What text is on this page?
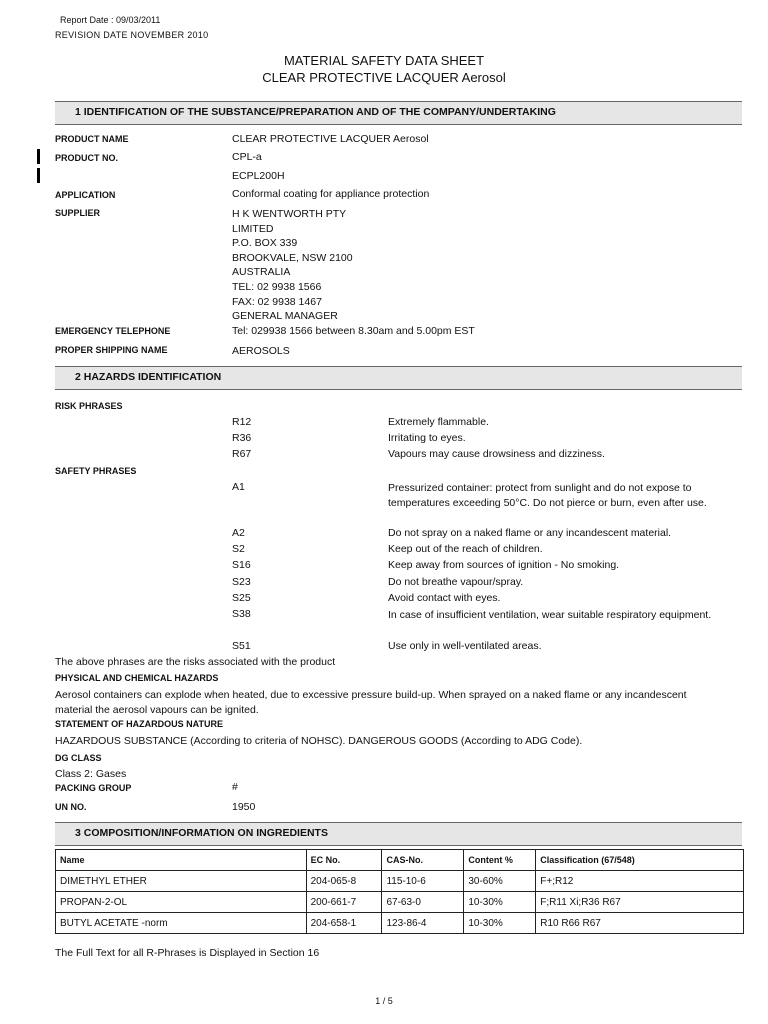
Report Date : 09/03/2011
REVISION DATE NOVEMBER 2010
MATERIAL SAFETY DATA SHEET
CLEAR PROTECTIVE LACQUER Aerosol
1 IDENTIFICATION OF THE SUBSTANCE/PREPARATION AND OF THE COMPANY/UNDERTAKING
PRODUCT NAME	CLEAR PROTECTIVE LACQUER Aerosol
PRODUCT NO.	CPL-a
ECPL200H
APPLICATION	Conformal coating for appliance protection
SUPPLIER	H K WENTWORTH PTY
LIMITED
P.O. BOX 339
BROOKVALE, NSW 2100
AUSTRALIA
TEL: 02 9938 1566
FAX: 02 9938 1467
GENERAL MANAGER
EMERGENCY TELEPHONE	Tel: 029938 1566 between 8.30am and 5.00pm EST
PROPER SHIPPING NAME	AEROSOLS
2 HAZARDS IDENTIFICATION
RISK PHRASES
R12	Extremely flammable.
R36	Irritating to eyes.
R67	Vapours may cause drowsiness and dizziness.
SAFETY PHRASES
A1	Pressurized container: protect from sunlight and do not expose to temperatures exceeding 50°C. Do not pierce or burn, even after use.
A2	Do not spray on a naked flame or any incandescent material.
S2	Keep out of the reach of children.
S16	Keep away from sources of ignition - No smoking.
S23	Do not breathe vapour/spray.
S25	Avoid contact with eyes.
S38	In case of insufficient ventilation, wear suitable respiratory equipment.
S51	Use only in well-ventilated areas.
The above phrases are the risks associated with the product
PHYSICAL AND CHEMICAL HAZARDS
Aerosol containers can explode when heated, due to excessive pressure build-up. When sprayed on a naked flame or any incandescent material the aerosol vapours can be ignited.
STATEMENT OF HAZARDOUS NATURE
HAZARDOUS SUBSTANCE (According to criteria of NOHSC). DANGEROUS GOODS (According to ADG Code).
DG CLASS
Class 2: Gases
PACKING GROUP	#
UN NO.	1950
3 COMPOSITION/INFORMATION ON INGREDIENTS
Name	EC No.	CAS-No.	Content %	Classification (67/548)
DIMETHYL ETHER	204-065-8	115-10-6	30-60%	F+;R12
PROPAN-2-OL	200-661-7	67-63-0	10-30%	F;R11 Xi;R36 R67
BUTYL ACETATE -norm	204-658-1	123-86-4	10-30%	R10 R66 R67
The Full Text for all R-Phrases is Displayed in Section 16
1 / 5
